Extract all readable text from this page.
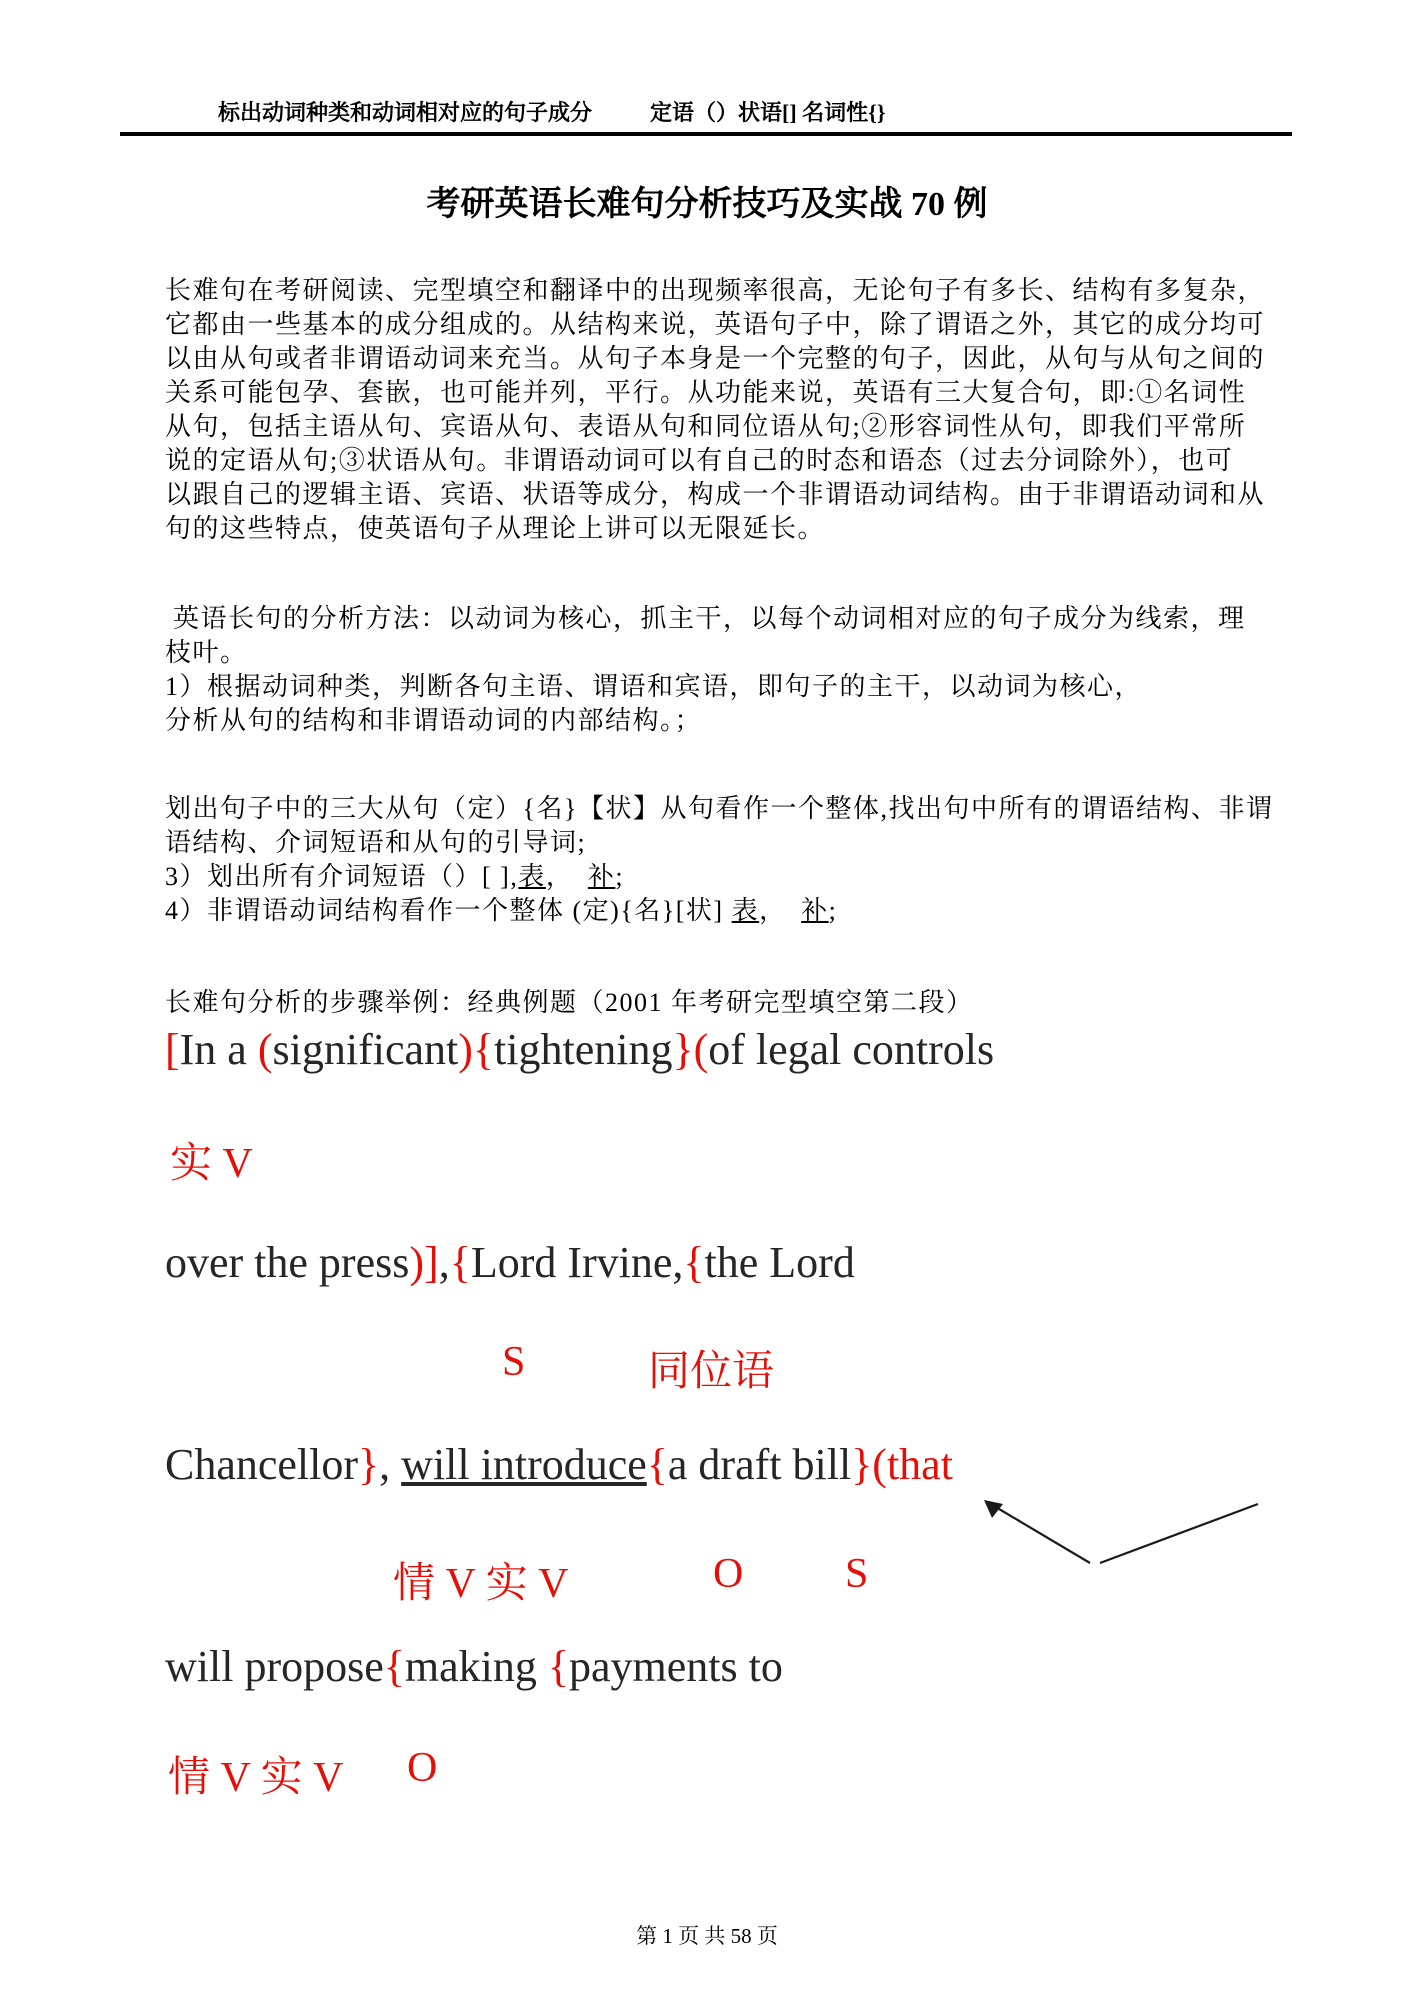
标出动词种类和动词相对应的句子成分	定语（）状语[] 名词性{}
考研英语长难句分析技巧及实战 70 例
长难句在考研阅读、完型填空和翻译中的出现频率很高，无论句子有多长、结构有多复杂，
它都由一些基本的成分组成的。从结构来说，英语句子中，除了谓语之外，其它的成分均可
以由从句或者非谓语动词来充当。从句子本身是一个完整的句子，因此，从句与从句之间的
关系可能包孕、套嵌，也可能并列，平行。从功能来说，英语有三大复合句，即:①名词性
从句，包括主语从句、宾语从句、表语从句和同位语从句;②形容词性从句，即我们平常所
说的定语从句;③状语从句。非谓语动词可以有自己的时态和语态（过去分词除外），也可
以跟自己的逻辑主语、宾语、状语等成分，构成一个非谓语动词结构。由于非谓语动词和从
句的这些特点，使英语句子从理论上讲可以无限延长。
英语长句的分析方法：以动词为核心，抓主干，以每个动词相对应的句子成分为线索，理
枝叶。
1）根据动词种类，判断各句主语、谓语和宾语，即句子的主干，以动词为核心，
分析从句的结构和非谓语动词的内部结构。；
划出句子中的三大从句（定）{名}【状】从句看作一个整体,找出句中所有的谓语结构、非谓
语结构、介词短语和从句的引导词;
3）划出所有介词短语（）[ ],表，　补;
4）非谓语动词结构看作一个整体 (定){名}[状] 表，　补;
长难句分析的步骤举例：经典例题（2001 年考研完型填空第二段）
[In a (significant){tightening}(of legal controls
实 V
over the press)],{Lord Irvine,{the Lord
S	同位语
Chancellor}, will introduce{a draft bill}(that
情 V 实 V	O S
will propose{making {payments to
情 V 实 V O
第 1 页 共 58 页
